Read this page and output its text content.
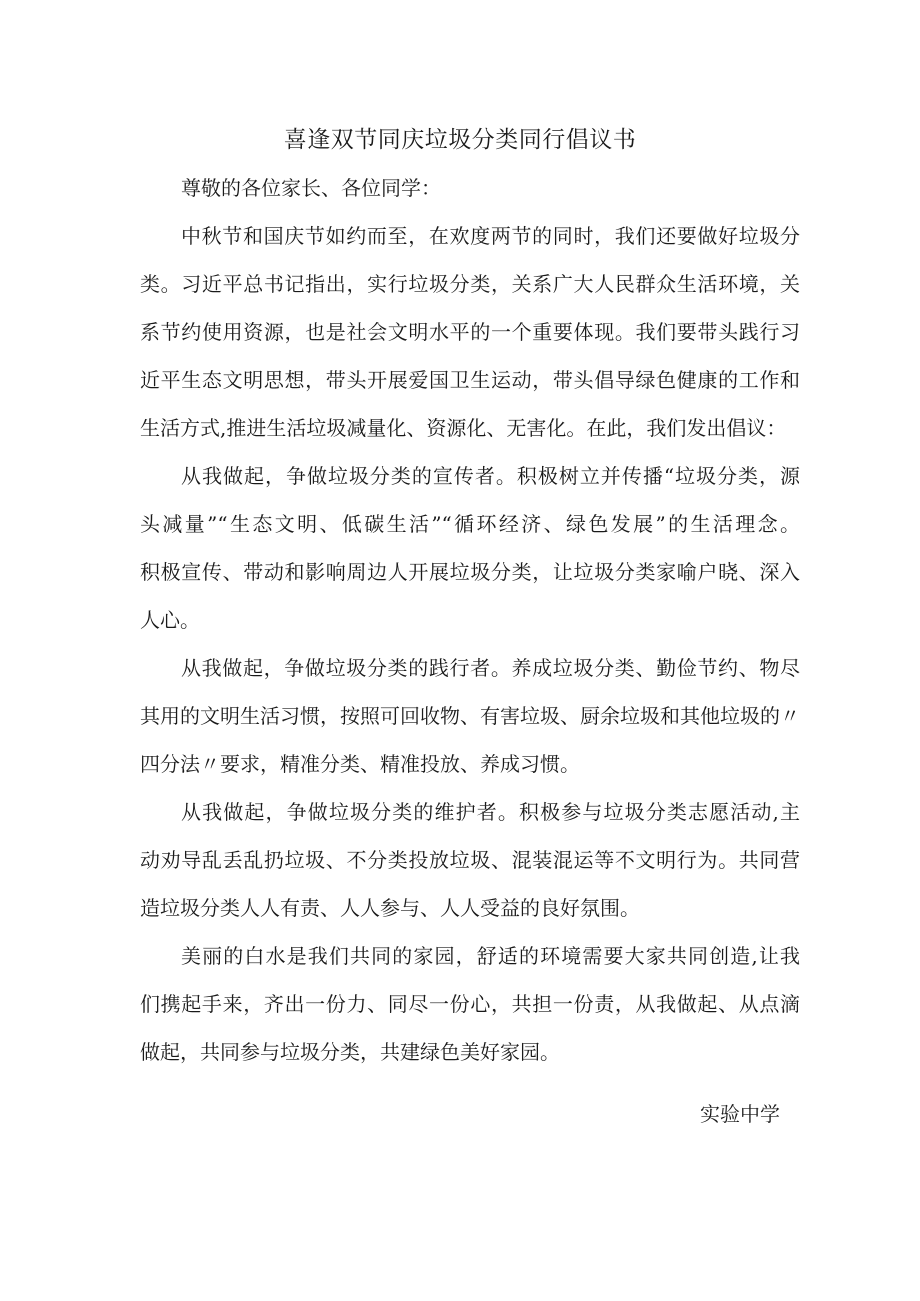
喜逢双节同庆垃圾分类同行倡议书

尊敬的各位家长、各位同学：

中秋节和国庆节如约而至，在欢度两节的同时，我们还要做好垃圾分

类。习近平总书记指出，实行垃圾分类，关系广大人民群众生活环境，关

系节约使用资源，也是社会文明水平的一个重要体现。我们要带头践行习

近平生态文明思想，带头开展爱国卫生运动，带头倡导绿色健康的工作和

生活方式,推进生活垃圾减量化、资源化、无害化。在此，我们发出倡议：

从我做起，争做垃圾分类的宣传者。积极树立并传播“垃圾分类，源

头减量”“生态文明、低碳生活”“循环经济、绿色发展”的生活理念。

积极宣传、带动和影响周边人开展垃圾分类，让垃圾分类家喻户晓、深入

人心。

从我做起，争做垃圾分类的践行者。养成垃圾分类、勤俭节约、物尽

其用的文明生活习惯，按照可回收物、有害垃圾、厨余垃圾和其他垃圾的〃

四分法〃要求，精准分类、精准投放、养成习惯。

从我做起，争做垃圾分类的维护者。积极参与垃圾分类志愿活动,主

动劝导乱丢乱扔垃圾、不分类投放垃圾、混装混运等不文明行为。共同营

造垃圾分类人人有责、人人参与、人人受益的良好氛围。

美丽的白水是我们共同的家园，舒适的环境需要大家共同创造,让我

们携起手来，齐出一份力、同尽一份心，共担一份责，从我做起、从点滴

做起，共同参与垃圾分类，共建绿色美好家园。

实验中学
